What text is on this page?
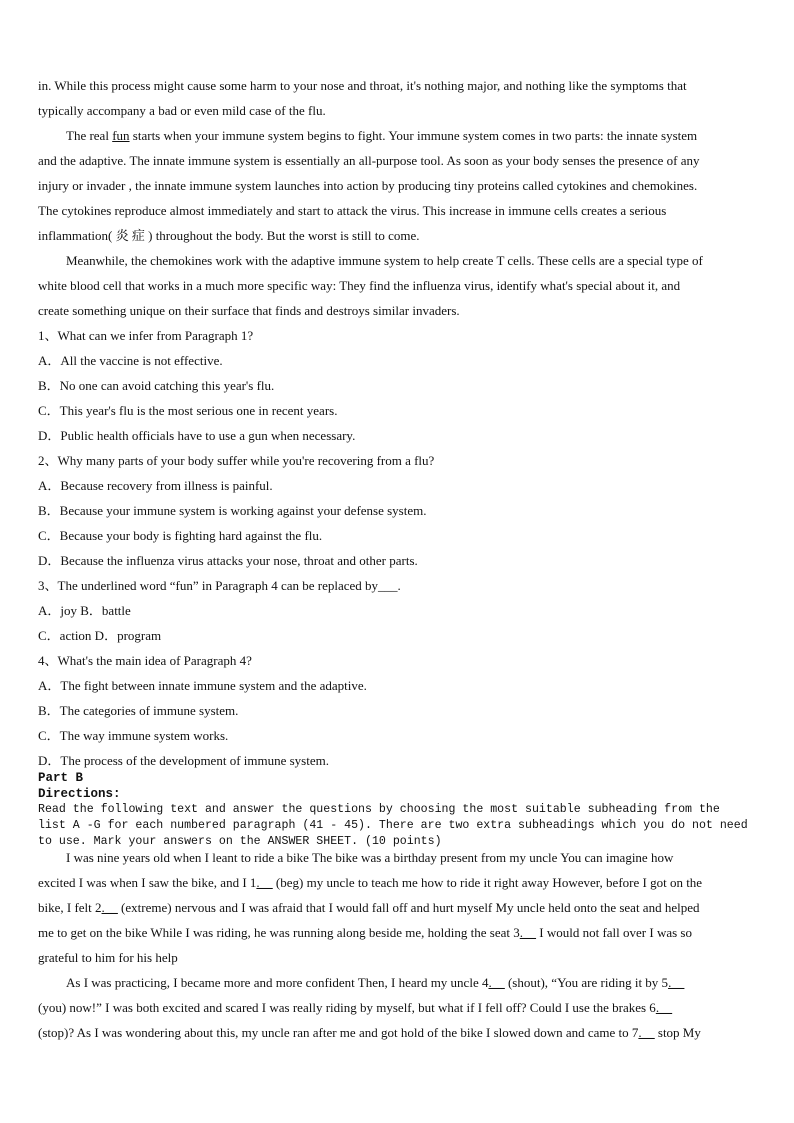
in. While this process might cause some harm to your nose and throat, it's nothing major, and nothing like the symptoms that
typically accompany a bad or even mild case of the flu.
The real fun starts when your immune system begins to fight. Your immune system comes in two parts: the innate system
and the adaptive. The innate immune system is essentially an all-purpose tool. As soon as your body senses the presence of any
injury or invader , the innate immune system launches into action by producing tiny proteins called cytokines and chemokines.
The cytokines reproduce almost immediately and start to attack the virus. This increase in immune cells creates a serious
inflammation( 炎 症 ) throughout the body. But the worst is still to come.
Meanwhile, the chemokines work with the adaptive immune system to help create T cells. These cells are a special type of
white blood cell that works in a much more specific way: They find the influenza virus, identify what's special about it, and
create something unique on their surface that finds and destroys similar invaders.
1、What can we infer from Paragraph 1?
A．All the vaccine is not effective.
B．No one can avoid catching this year's flu.
C．This year's flu is the most serious one in recent years.
D．Public health officials have to use a gun when necessary.
2、Why many parts of your body suffer while you're recovering from a flu?
A．Because recovery from illness is painful.
B．Because your immune system is working against your defense system.
C．Because your body is fighting hard against the flu.
D．Because the influenza virus attacks your nose, throat and other parts.
3、The underlined word “fun” in Paragraph 4 can be replaced by___.
A．joy B．battle
C．action D．program
4、What's the main idea of Paragraph 4?
A．The fight between innate immune system and the adaptive.
B．The categories of immune system.
C．The way immune system works.
D．The process of the development of immune system.
Part B
Directions:
Read the following text and answer the questions by choosing the most suitable subheading from the
list A -G for each numbered paragraph (41 - 45). There are two extra subheadings which you do not need
to use. Mark your answers on the ANSWER SHEET. (10 points)
I was nine years old when I leant to ride a bike The bike was a birthday present from my uncle You can imagine how
excited I was when I saw the bike, and I 1.__ (beg) my uncle to teach me how to ride it right away However, before I got on the
bike, I felt 2.__ (extreme) nervous and I was afraid that I would fall off and hurt myself My uncle held onto the seat and helped
me to get on the bike While I was riding, he was running along beside me, holding the seat 3.__ I would not fall over I was so
grateful to him for his help
As I was practicing, I became more and more confident Then, I heard my uncle 4.__ (shout), “You are riding it by 5.__
(you) now!” I was both excited and scared I was really riding by myself, but what if I fell off? Could I use the brakes 6.__
(stop)? As I was wondering about this, my uncle ran after me and got hold of the bike I slowed down and came to 7.__ stop My
